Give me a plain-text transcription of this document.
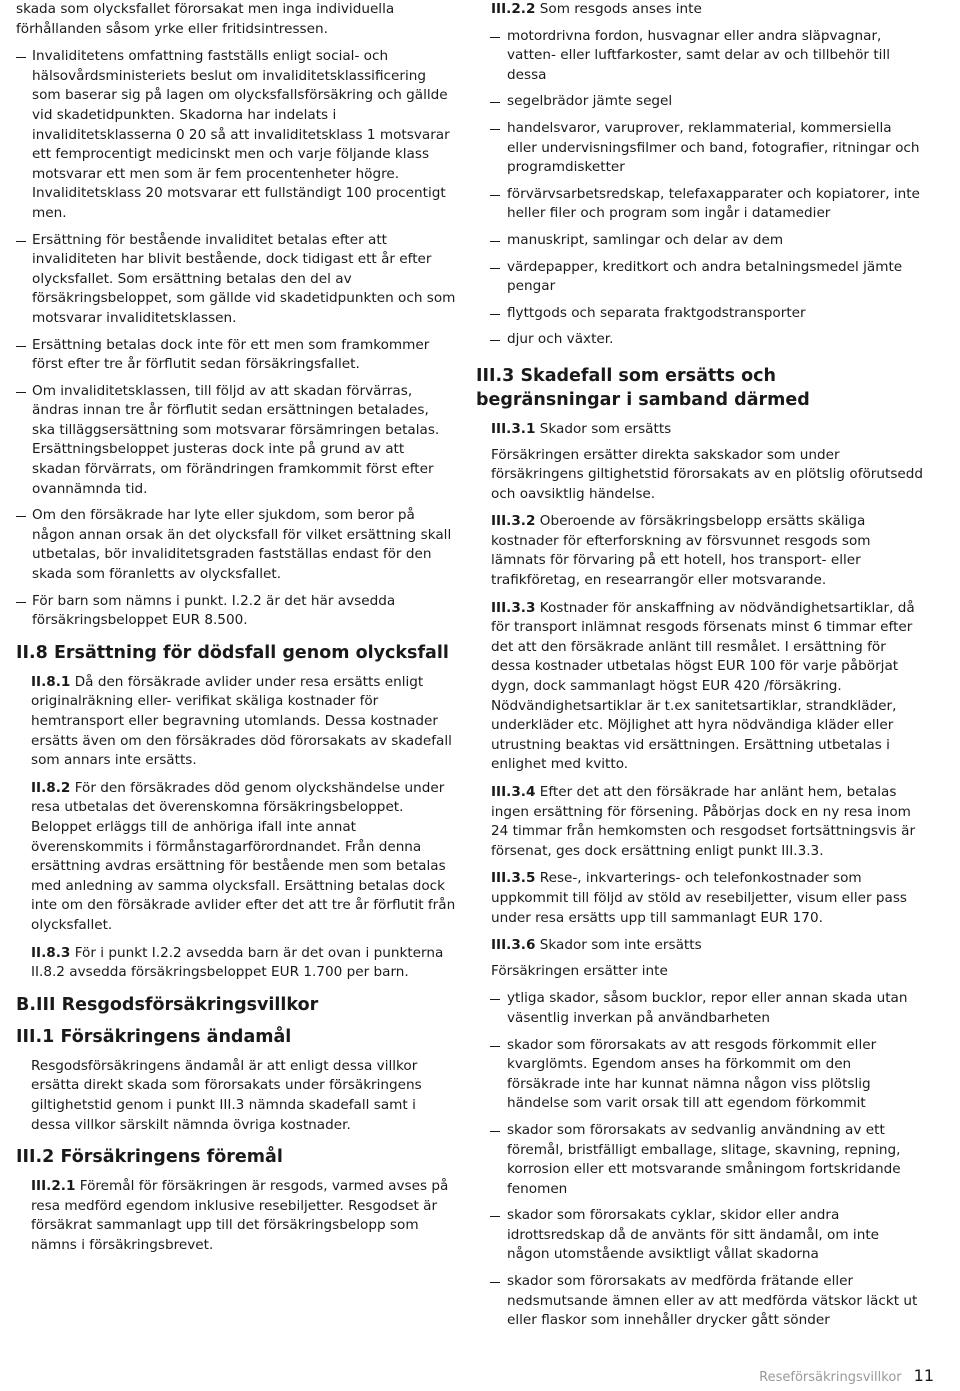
skada som olycksfallet förorsakat men inga individuella förhållanden såsom yrke eller fritidsintressen.

Invaliditetens omfattning fastställs enligt social- och hälsovårdsministeriets beslut om invaliditetsklassificering som baserar sig på lagen om olycksfallsförsäkring och gällde vid skadetidpunkten. Skadorna har indelats i invaliditetsklasserna 0 20 så att invaliditetsklass 1 motsvarar ett femprocentigt medicinskt men och varje följande klass motsvarar ett men som är fem procentenheter högre. Invaliditetsklass 20 motsvarar ett fullständigt 100 procentigt men.
Ersättning för bestående invaliditet betalas efter att invaliditeten har blivit bestående, dock tidigast ett år efter olycksfallet. Som ersättning betalas den del av försäkringsbeloppet, som gällde vid skadetidpunkten och som motsvarar invaliditetsklassen.
Ersättning betalas dock inte för ett men som framkommer först efter tre år förflutit sedan försäkringsfallet.
Om invaliditetsklassen, till följd av att skadan förvärras, ändras innan tre år förflutit sedan ersättningen betalades, ska tilläggsersättning som motsvarar försämringen betalas. Ersättningsbeloppet justeras dock inte på grund av att skadan förvärrats, om förändringen framkommit först efter ovannämnda tid.
Om den försäkrade har lyte eller sjukdom, som beror på någon annan orsak än det olycksfall för vilket ersättning skall utbetalas, bör invaliditetsgraden fastställas endast för den skada som föranletts av olycksfallet.
För barn som nämns i punkt. I.2.2 är det här avsedda försäkringsbeloppet EUR 8.500.
II.8 Ersättning för dödsfall genom olycksfall

II.8.1 Då den försäkrade avlider under resa ersätts enligt originalräkning eller- verifikat skäliga kostnader för hemtransport eller begravning utomlands. Dessa kostnader ersätts även om den försäkrades död förorsakats av skadefall som annars inte ersätts.

II.8.2 För den försäkrades död genom olyckshändelse under resa utbetalas det överenskomna försäkringsbeloppet. Beloppet erläggs till de anhöriga ifall inte annat överenskommits i förmånstagarförordnandet. Från denna ersättning avdras ersättning för bestående men som betalas med anledning av samma olycksfall. Ersättning betalas dock inte om den försäkrade avlider efter det att tre år förflutit från olycksfallet.

II.8.3 För i punkt I.2.2 avsedda barn är det ovan i punkterna II.8.2 avsedda försäkringsbeloppet EUR 1.700 per barn.

B.III Resgodsförsäkringsvillkor
III.1 Försäkringens ändamål

Resgodsförsäkringens ändamål är att enligt dessa villkor ersätta direkt skada som förorsakats under försäkringens giltighetstid genom i punkt III.3 nämnda skadefall samt i dessa villkor särskilt nämnda övriga kostnader.

III.2 Försäkringens föremål

III.2.1 Föremål för försäkringen är resgods, varmed avses på resa medförd egendom inklusive resebiljetter. Resgodset är försäkrat sammanlagt upp till det försäkringsbelopp som nämns i försäkringsbrevet.

III.2.2 Som resgods anses inte

motordrivna fordon, husvagnar eller andra släpvagnar, vatten- eller luftfarkoster, samt delar av och tillbehör till dessa
segelbrädor jämte segel
handelsvaror, varuprover, reklammaterial, kommersiella eller undervisningsfilmer och band, fotografier, ritningar och programdisketter
förvärvsarbetsredskap, telefaxapparater och kopiatorer, inte heller filer och program som ingår i datamedier
manuskript, samlingar och delar av dem
värdepapper, kreditkort och andra betalningsmedel jämte pengar
flyttgods och separata fraktgodstransporter
djur och växter.
III.3 Skadefall som ersätts och begränsningar i samband därmed

III.3.1 Skador som ersätts

Försäkringen ersätter direkta sakskador som under försäkringens giltighetstid förorsakats av en plötslig oförutsedd och oavsiktlig händelse.

III.3.2 Oberoende av försäkringsbelopp ersätts skäliga kostnader för efterforskning av försvunnet resgods som lämnats för förvaring på ett hotell, hos transport- eller trafikföretag, en researrangör eller motsvarande.

III.3.3 Kostnader för anskaffning av nödvändighetsartiklar, då för transport inlämnat resgods försenats minst 6 timmar efter det att den försäkrade anlänt till resmålet. I ersättning för dessa kostnader utbetalas högst EUR 100 för varje påbörjat dygn, dock sammanlagt högst EUR 420 /försäkring. Nödvändighetsartiklar är t.ex sanitetsartiklar, strandkläder, underkläder etc. Möjlighet att hyra nödvändiga kläder eller utrustning beaktas vid ersättningen. Ersättning utbetalas i enlighet med kvitto.

III.3.4 Efter det att den försäkrade har anlänt hem, betalas ingen ersättning för försening. Påbörjas dock en ny resa inom 24 timmar från hemkomsten och resgodset fortsättningsvis är försenat, ges dock ersättning enligt punkt III.3.3.

III.3.5 Rese-, inkvarterings- och telefonkostnader som uppkommit till följd av stöld av resebiljetter, visum eller pass under resa ersätts upp till sammanlagt EUR 170.

III.3.6 Skador som inte ersätts

Försäkringen ersätter inte

ytliga skador, såsom bucklor, repor eller annan skada utan väsentlig inverkan på användbarheten
skador som förorsakats av att resgods förkommit eller kvarglömts. Egendom anses ha förkommit om den försäkrade inte har kunnat nämna någon viss plötslig händelse som varit orsak till att egendom förkommit
skador som förorsakats av sedvanlig användning av ett föremål, bristfälligt emballage, slitage, skavning, repning, korrosion eller ett motsvarande småningom fortskridande fenomen
skador som förorsakats cyklar, skidor eller andra idrottsredskap då de använts för sitt ändamål, om inte någon utomstående avsiktligt vållat skadorna
skador som förorsakats av medförda frätande eller nedsmutsande ämnen eller av att medförda vätskor läckt ut eller flaskor som innehåller drycker gått sönder
Reseförsäkringsvillkor 11
